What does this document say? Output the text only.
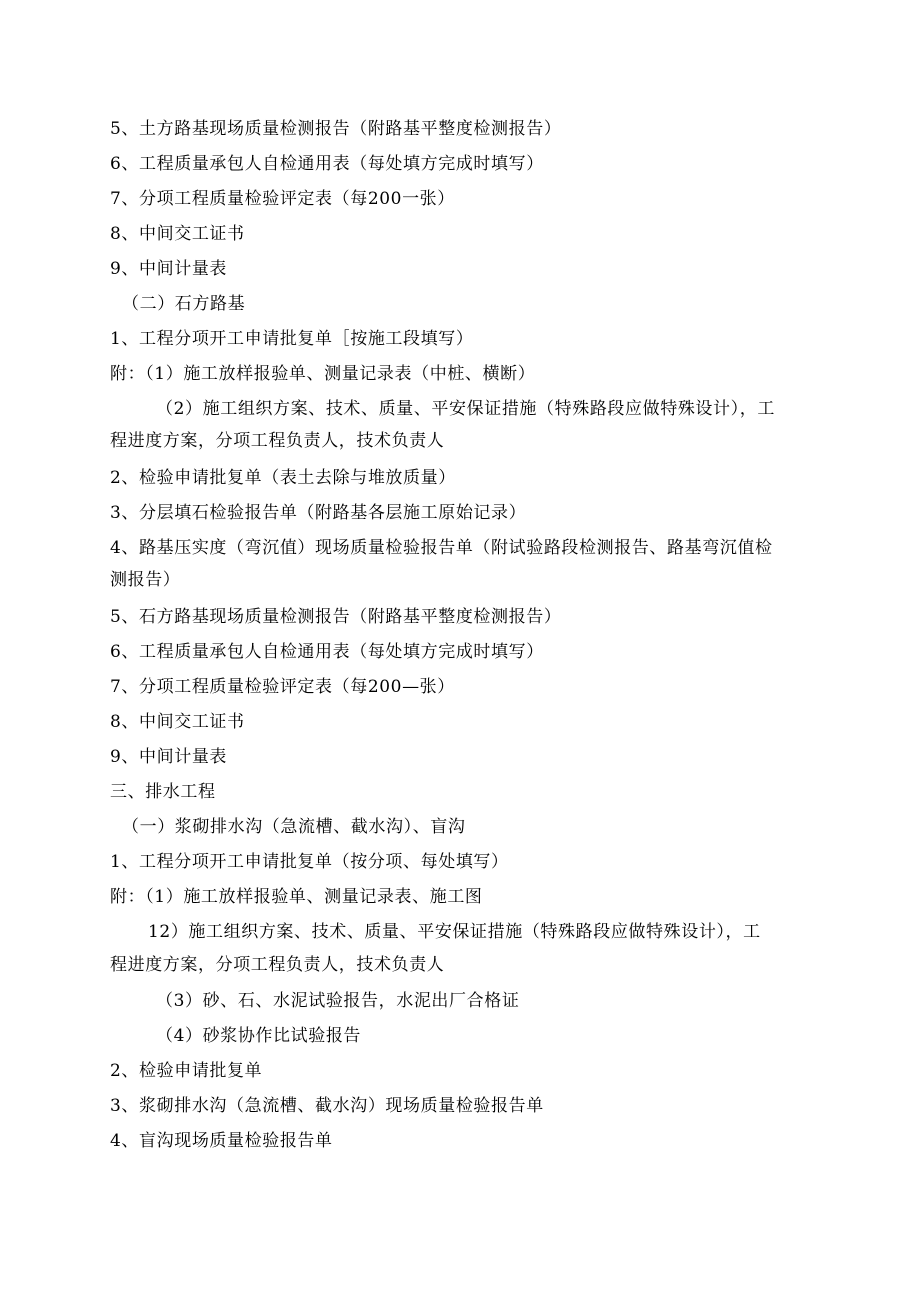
5、土方路基现场质量检测报告（附路基平整度检测报告）
6、工程质量承包人自检通用表（每处填方完成时填写）
7、分项工程质量检验评定表（每200一张）
8、中间交工证书
9、中间计量表
（二）石方路基
1、工程分项开工申请批复单［按施工段填写）
附：（1）施工放样报验单、测量记录表（中桩、横断）
（2）施工组织方案、技术、质量、平安保证措施（特殊路段应做特殊设计），工
程进度方案，分项工程负责人，技术负责人
2、检验申请批复单（表土去除与堆放质量）
3、分层填石检验报告单（附路基各层施工原始记录）
4、路基压实度（弯沉值）现场质量检验报告单（附试验路段检测报告、路基弯沉值检
测报告）
5、石方路基现场质量检测报告（附路基平整度检测报告）
6、工程质量承包人自检通用表（每处填方完成时填写）
7、分项工程质量检验评定表（每200—张）
8、中间交工证书
9、中间计量表
三、排水工程
（一）浆砌排水沟（急流槽、截水沟）、盲沟
1、工程分项开工申请批复单（按分项、每处填写）
附：（1）施工放样报验单、测量记录表、施工图
12）施工组织方案、技术、质量、平安保证措施（特殊路段应做特殊设计），工
程进度方案，分项工程负责人，技术负责人
（3）砂、石、水泥试验报告，水泥出厂合格证
（4）砂浆协作比试验报告
2、检验申请批复单
3、浆砌排水沟（急流槽、截水沟）现场质量检验报告单
4、盲沟现场质量检验报告单
